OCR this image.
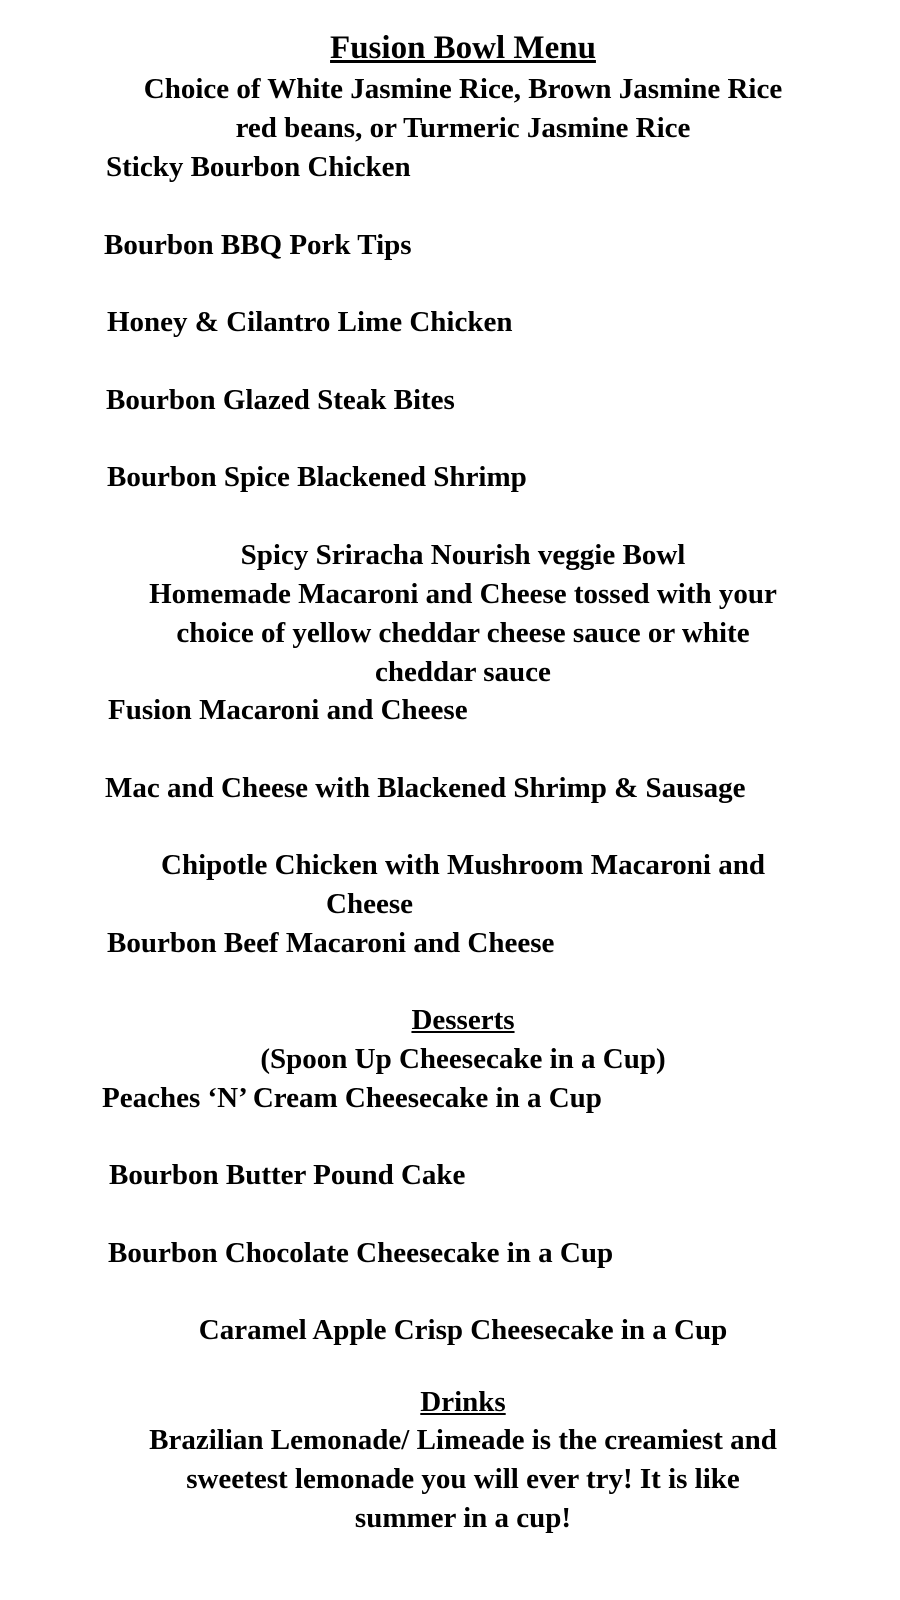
Fusion Bowl Menu
Choice of White Jasmine Rice, Brown Jasmine Rice
red beans, or Turmeric Jasmine Rice
Sticky Bourbon Chicken
Bourbon BBQ Pork Tips
Honey & Cilantro Lime Chicken
Bourbon Glazed Steak Bites
Bourbon Spice Blackened Shrimp
Spicy Sriracha Nourish veggie Bowl
Homemade Macaroni and Cheese tossed with your
choice of yellow cheddar cheese sauce or white
cheddar sauce
Fusion Macaroni and Cheese
Mac and Cheese with Blackened Shrimp & Sausage
Chipotle Chicken with Mushroom Macaroni and
Cheese
Bourbon Beef Macaroni and Cheese
Desserts
(Spoon Up Cheesecake in a Cup)
Peaches ‘N’ Cream Cheesecake in a Cup
Bourbon Butter Pound Cake
Bourbon Chocolate Cheesecake in a Cup
Caramel Apple Crisp Cheesecake in a Cup
Drinks
Brazilian Lemonade/ Limeade is the creamiest and
sweetest lemonade you will ever try! It is like
summer in a cup!
